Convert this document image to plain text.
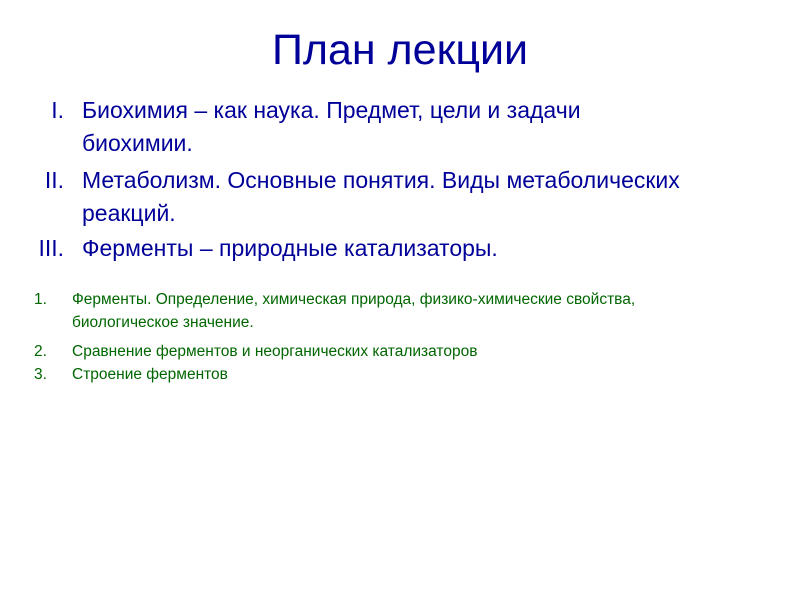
План лекции
I. Биохимия – как наука. Предмет, цели и задачи биохимии.
II. Метаболизм. Основные понятия. Виды метаболических реакций.
III. Ферменты – природные катализаторы.
1. Ферменты. Определение, химическая природа, физико-химические свойства, биологическое значение.
2. Сравнение ферментов и неорганических катализаторов
3. Строение ферментов
